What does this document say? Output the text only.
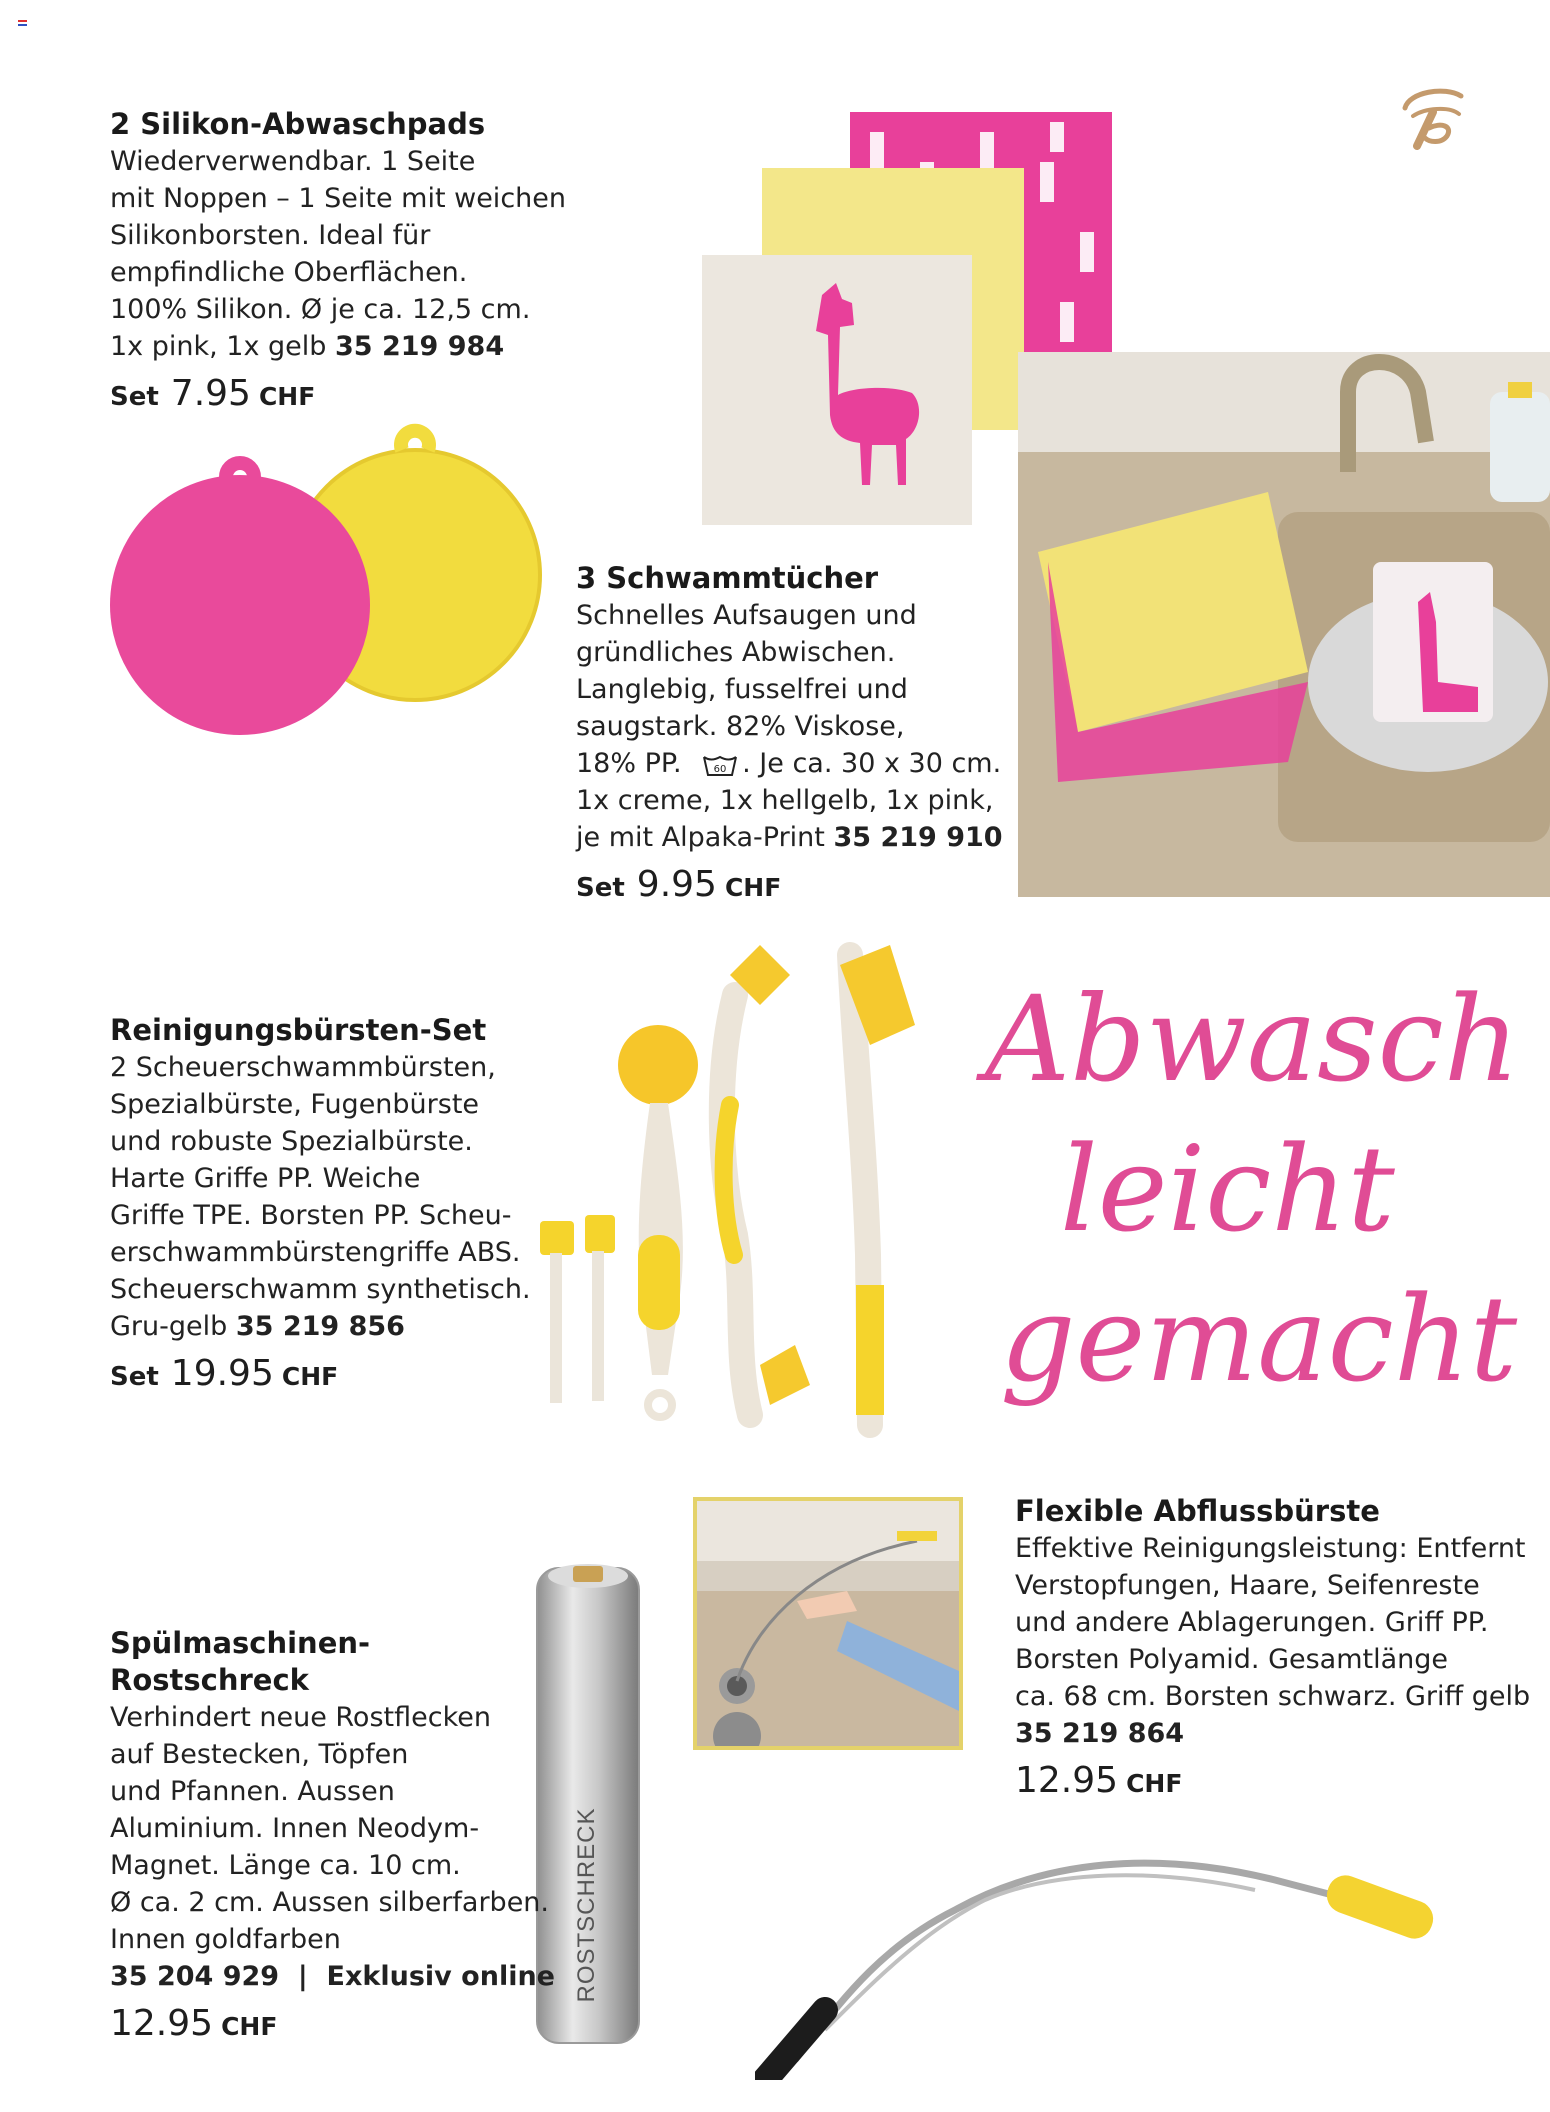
2 Silikon-Abwaschpads
Wiederverwendbar. 1 Seite
mit Noppen – 1 Seite mit weichen
Silikonborsten. Ideal für
empfindliche Oberflächen.
100% Silikon. Ø je ca. 12,5 cm.
1x pink, 1x gelb 35 219 984
Set 7.95 CHF
3 Schwammtücher
Schnelles Aufsaugen und
gründliches Abwischen.
Langlebig, fusselfrei und
saugstark. 82% Viskose,
18% PP.	60 . Je ca. 30 x 30 cm.
1x creme, 1x hellgelb, 1x pink,
je mit Alpaka-Print 35 219 910
Set 9.95 CHF
Reinigungsbürsten-Set
2 Scheuerschwammbürsten,
Spezialbürste, Fugenbürste
und robuste Spezialbürste.
Harte Griffe PP. Weiche
Griffe TPE. Borsten PP. Scheu-
erschwammbürstengriffe ABS.
Scheuerschwamm synthetisch.
Gru-gelb 35 219 856
Set 19.95 CHF
Abwasch
leicht
gemacht
Flexible Abflussbürste
Effektive Reinigungsleistung: Entfernt
Verstopfungen, Haare, Seifenreste
und andere Ablagerungen. Griff PP.
Borsten Polyamid. Gesamtlänge
ca. 68 cm. Borsten schwarz. Griff gelb
35 219 864
12.95 CHF
ROSTSCHRECK
Spülmaschinen-
Rostschreck
Verhindert neue Rostflecken
auf Bestecken, Töpfen
und Pfannen. Aussen
Aluminium. Innen Neodym-
Magnet. Länge ca. 10 cm.
Ø ca. 2 cm. Aussen silberfarben.
Innen goldfarben
35 204 929  |  Exklusiv online
12.95 CHF
